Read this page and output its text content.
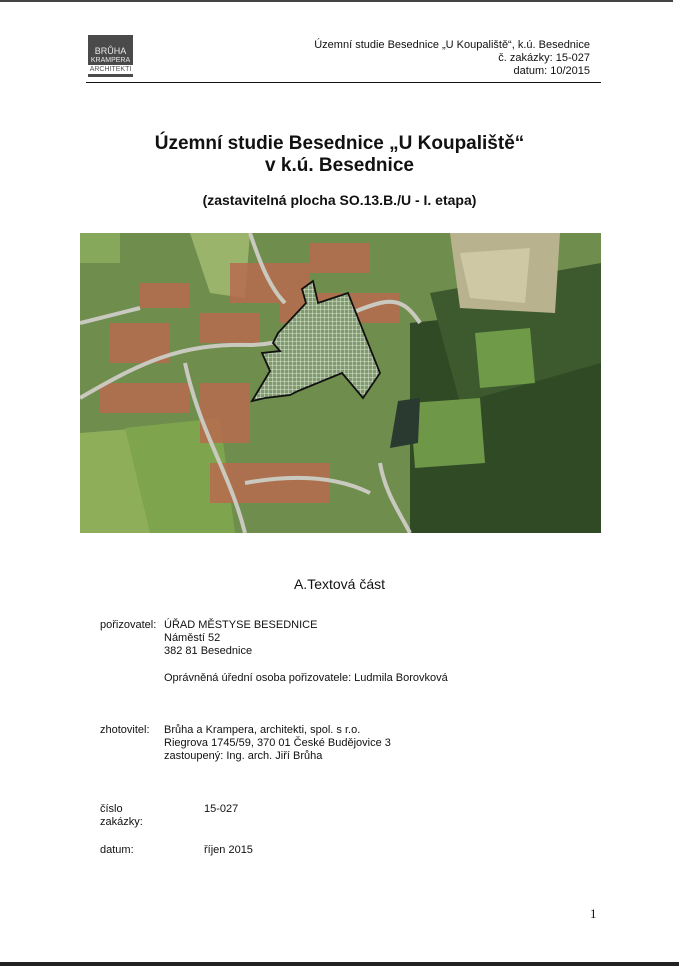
BRŮHA
KRAMPERA
ARCHITEKTI
Územní studie Besednice „U Koupaliště“, k.ú. Besednice
č. zakázky: 15-027
datum: 10/2015
Územní studie Besednice „U Koupaliště“
v k.ú. Besednice
(zastavitelná plocha SO.13.B./U - I. etapa)
A.Textová část
pořizovatel: ÚŘAD MĚSTYSE BESEDNICE
Náměstí 52
382 81 Besednice
Oprávněná úřední osoba pořizovatele: Ludmila Borovková
zhotovitel: Brůha a Krampera, architekti, spol. s r.o.
Riegrova 1745/59, 370 01 České Budějovice 3
zastoupený: Ing. arch. Jiří Brůha
číslo zakázky:
15-027
datum:	říjen 2015
1
